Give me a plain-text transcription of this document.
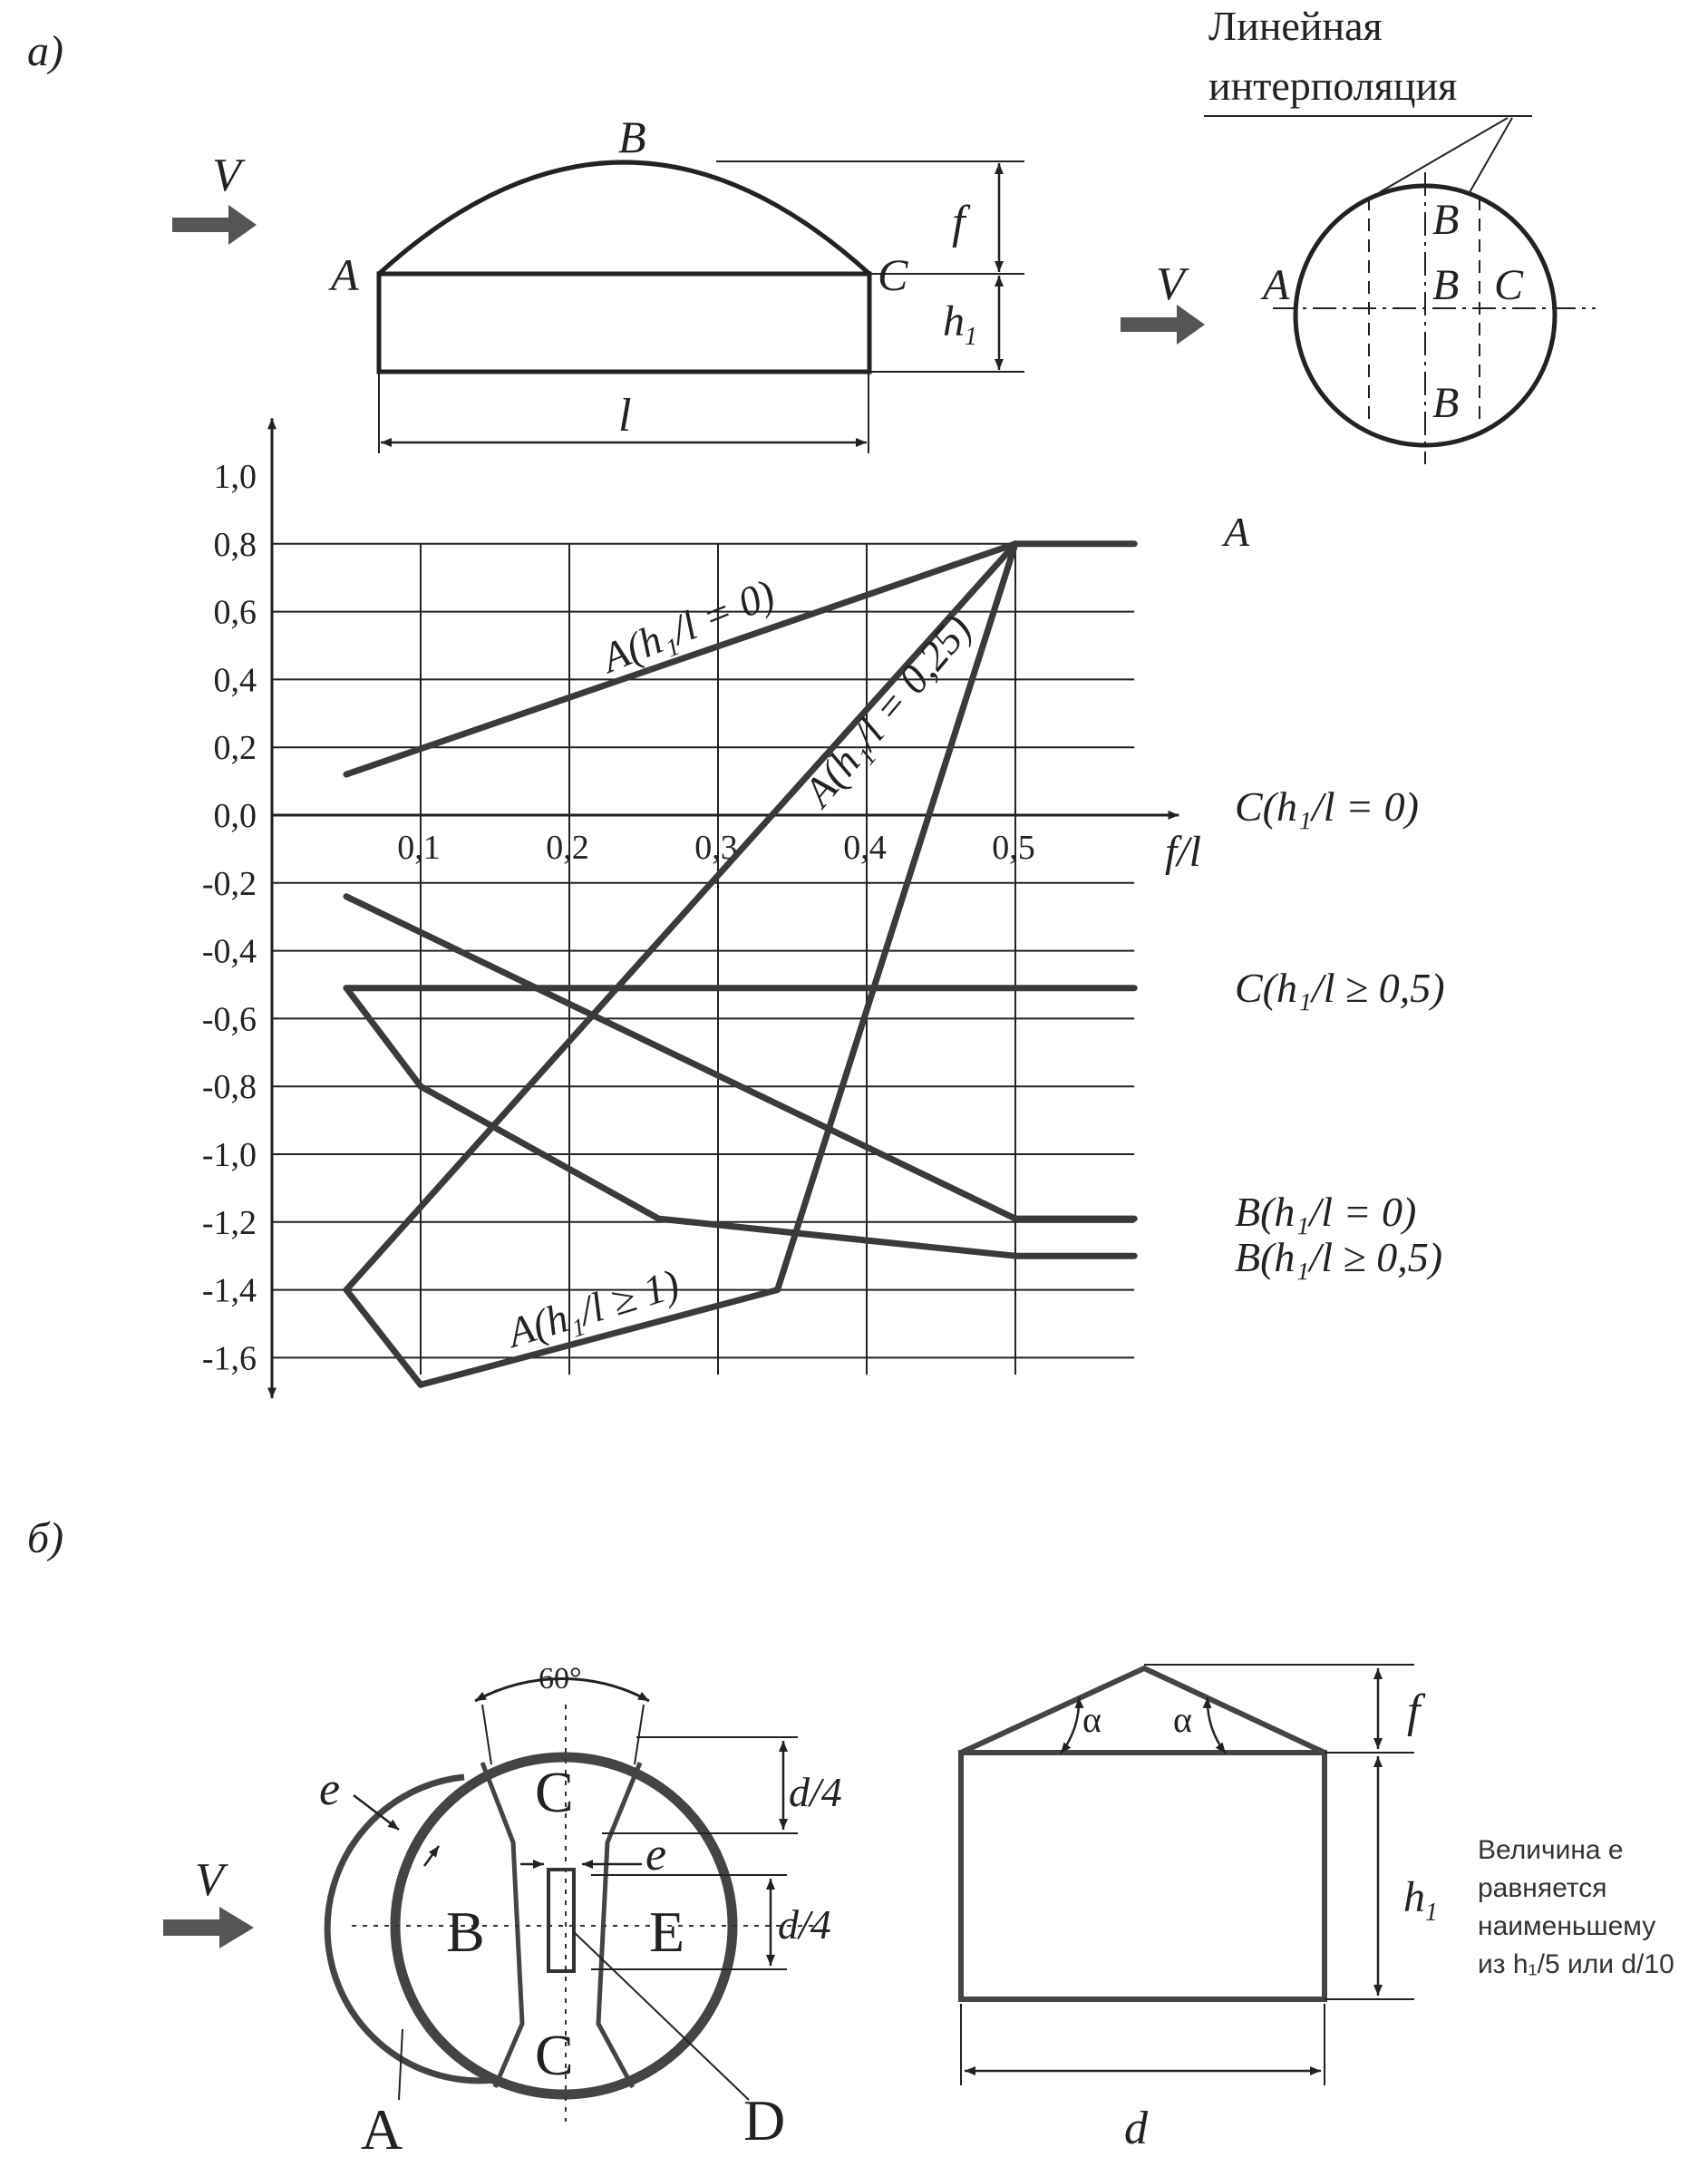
а)
V
A
B
C
f
$h_1$
l
Линейная
интерполяция
V A
B
B
B
C
1,0
0,8
0,6
0,4
0,2
0,0
-0,2
-0,4
-0,6
-0,8
-1,0
-1,2
-1,4
-1,6
0,1	0,2	0,3	0,4	0,5
A
A(h₁/l = 0) A(h₁/l = 0,25)
A(h₁/l ≥ 1)
C(h₁/l = 0)
C(h₁/l ≥ 0,5)
B(h₁/l = 0)
B(h₁/l ≥ 0,5)
f/l
б)
V
60°
C
C
B	E
A	D
e
e
d/4
d/4
α α	f
$h_1$
d
Величина e
равняется
наименьшему
из h₁/5 или d/10
